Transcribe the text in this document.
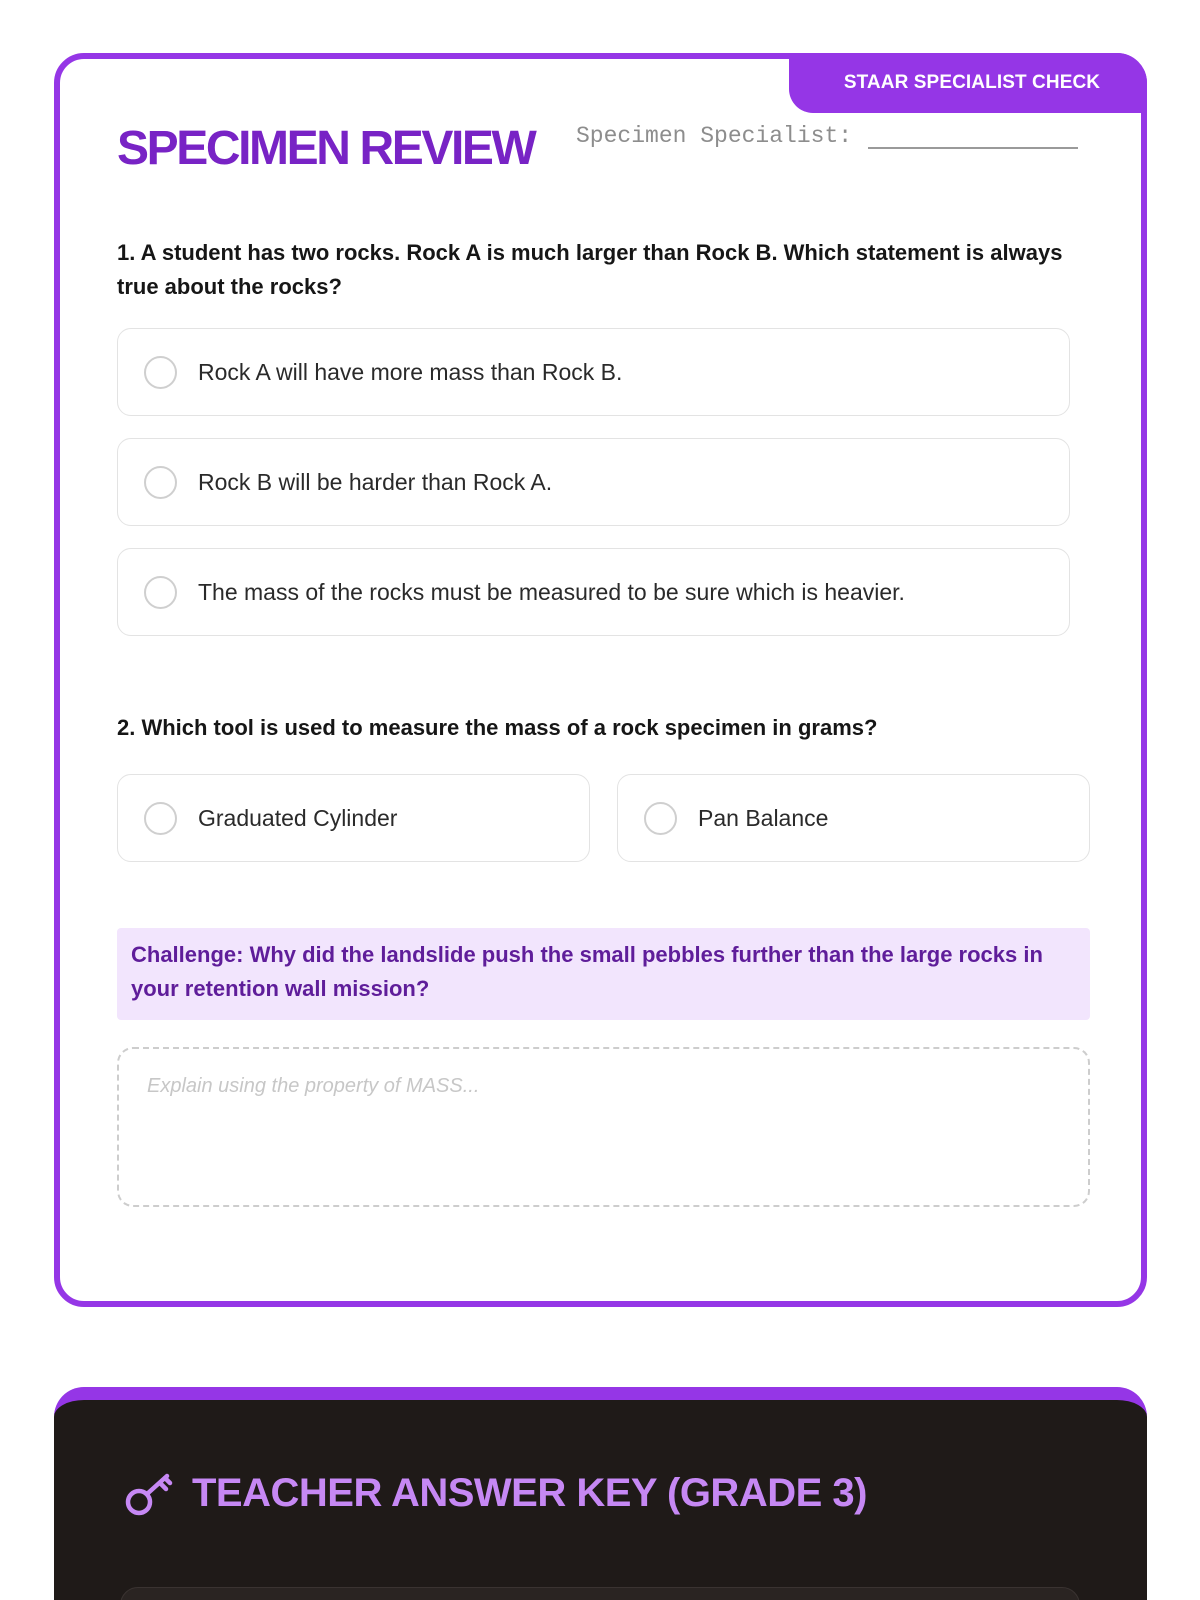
STAAR SPECIALIST CHECK
SPECIMEN REVIEW Specimen Specialist:
1. A student has two rocks. Rock A is much larger than Rock B. Which statement is always true about the rocks?
Rock A will have more mass than Rock B.
Rock B will be harder than Rock A.
The mass of the rocks must be measured to be sure which is heavier.
2. Which tool is used to measure the mass of a rock specimen in grams?
Graduated Cylinder	Pan Balance
Challenge: Why did the landslide push the small pebbles further than the large rocks in your retention wall mission?
Explain using the property of MASS...
TEACHER ANSWER KEY (GRADE 3)
